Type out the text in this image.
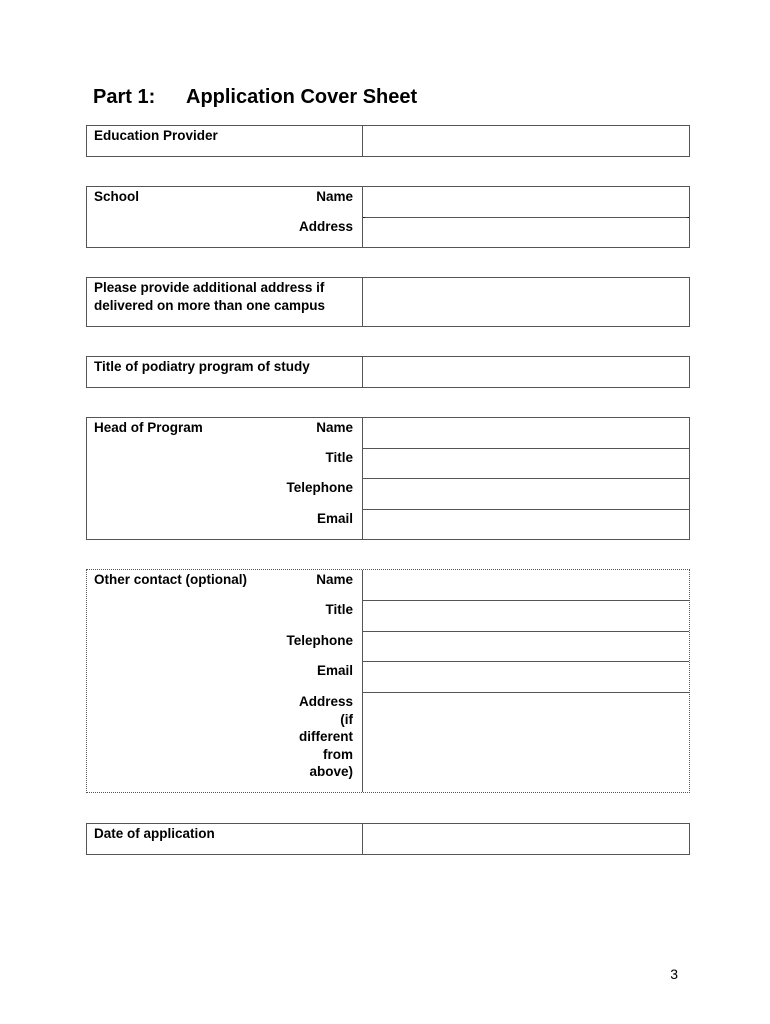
Part 1: Application Cover Sheet
Education Provider
School	Name
Address
Please provide additional address if
delivered on more than one campus
Title of podiatry program of study
Head of Program	Name
Title
Telephone
Email
Other contact (optional)	Name
Title
Telephone
Email
Address
(if
different
from
above)
Date of application
3
